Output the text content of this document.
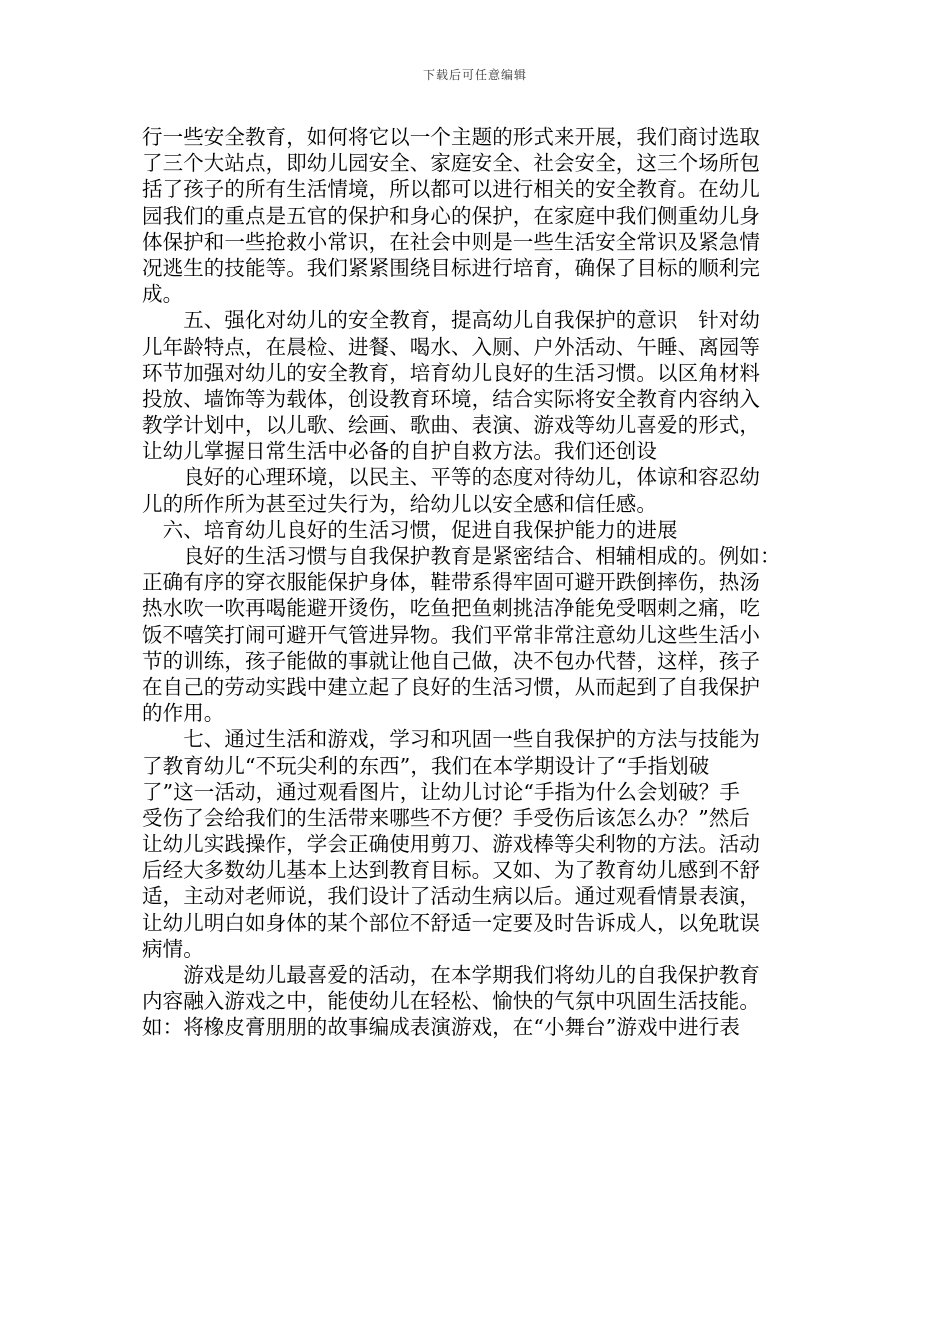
下载后可任意编辑
行一些安全教育，如何将它以一个主题的形式来开展，我们商讨选取
了三个大站点，即幼儿园安全、家庭安全、社会安全，这三个场所包
括了孩子的所有生活情境，所以都可以进行相关的安全教育。在幼儿
园我们的重点是五官的保护和身心的保护，在家庭中我们侧重幼儿身
体保护和一些抢救小常识，在社会中则是一些生活安全常识及紧急情
况逃生的技能等。我们紧紧围绕目标进行培育，确保了目标的顺利完
成。
　　五、强化对幼儿的安全教育，提高幼儿自我保护的意识　针对幼
儿年龄特点，在晨检、进餐、喝水、入厕、户外活动、午睡、离园等
环节加强对幼儿的安全教育，培育幼儿良好的生活习惯。以区角材料
投放、墙饰等为载体，创设教育环境，结合实际将安全教育内容纳入
教学计划中，以儿歌、绘画、歌曲、表演、游戏等幼儿喜爱的形式，
让幼儿掌握日常生活中必备的自护自救方法。我们还创设
　　良好的心理环境，以民主、平等的态度对待幼儿，体谅和容忍幼
儿的所作所为甚至过失行为，给幼儿以安全感和信任感。
　六、培育幼儿良好的生活习惯，促进自我保护能力的进展
　　良好的生活习惯与自我保护教育是紧密结合、相辅相成的。例如：
正确有序的穿衣服能保护身体，鞋带系得牢固可避开跌倒摔伤，热汤
热水吹一吹再喝能避开烫伤，吃鱼把鱼刺挑洁净能免受咽刺之痛，吃
饭不嘻笑打闹可避开气管进异物。我们平常非常注意幼儿这些生活小
节的训练，孩子能做的事就让他自己做，决不包办代替，这样，孩子
在自己的劳动实践中建立起了良好的生活习惯，从而起到了自我保护
的作用。
　　七、通过生活和游戏，学习和巩固一些自我保护的方法与技能为
了教育幼儿“不玩尖利的东西”，我们在本学期设计了“手指划破
了”这一活动，通过观看图片，让幼儿讨论“手指为什么会划破？手
受伤了会给我们的生活带来哪些不方便？手受伤后该怎么办？”然后
让幼儿实践操作，学会正确使用剪刀、游戏棒等尖利物的方法。活动
后经大多数幼儿基本上达到教育目标。又如、为了教育幼儿感到不舒
适，主动对老师说，我们设计了活动生病以后。通过观看情景表演，
让幼儿明白如身体的某个部位不舒适一定要及时告诉成人，以免耽误
病情。
　　游戏是幼儿最喜爱的活动，在本学期我们将幼儿的自我保护教育
内容融入游戏之中，能使幼儿在轻松、愉快的气氛中巩固生活技能。
如：将橡皮膏朋朋的故事编成表演游戏，在“小舞台”游戏中进行表
